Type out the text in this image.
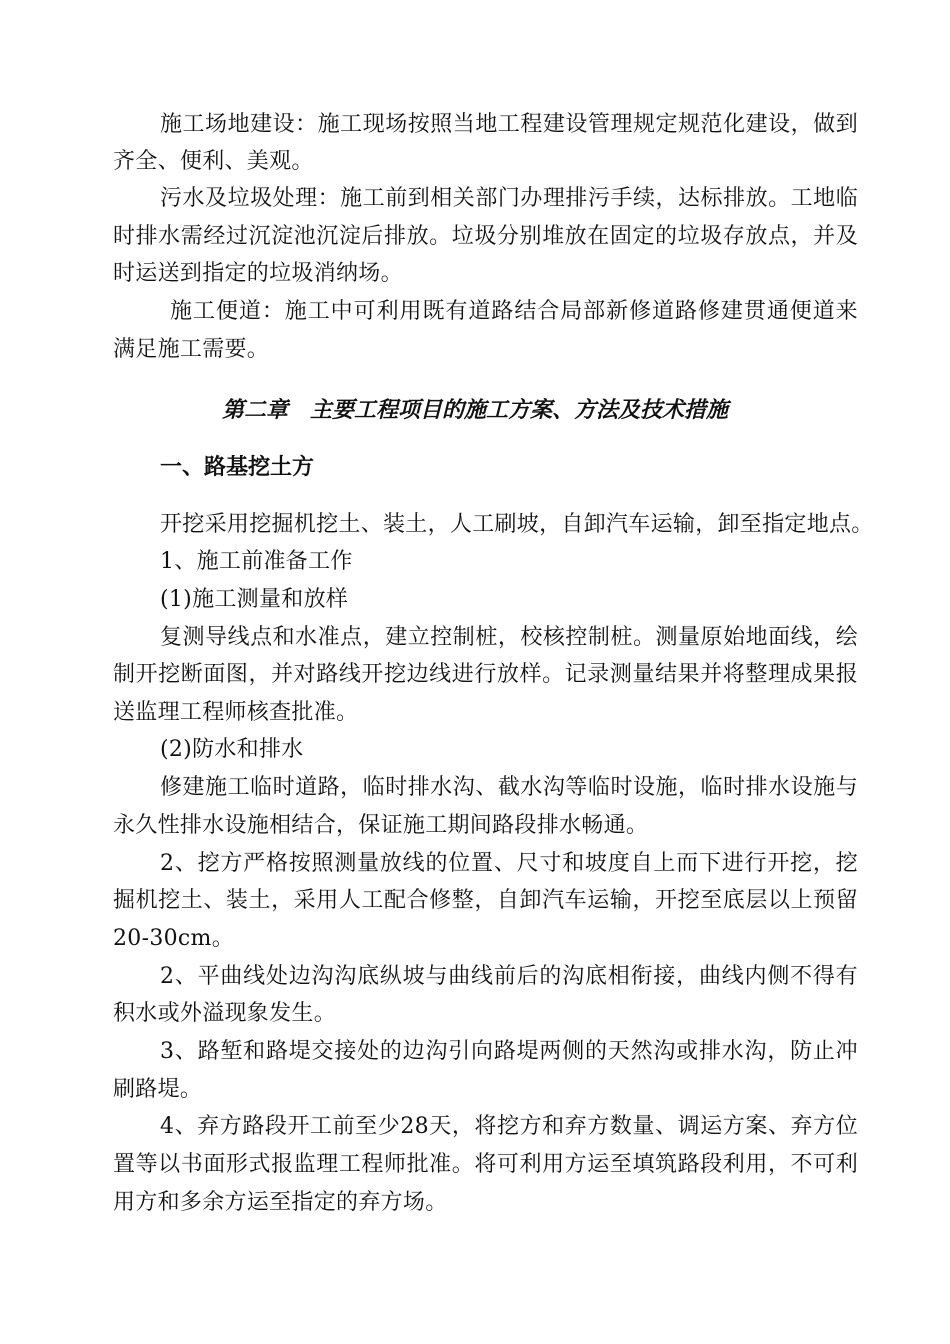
施工场地建设：施工现场按照当地工程建设管理规定规范化建设，做到
齐全、便利、美观。
污水及垃圾处理：施工前到相关部门办理排污手续，达标排放。工地临
时排水需经过沉淀池沉淀后排放。垃圾分别堆放在固定的垃圾存放点，并及
时运送到指定的垃圾消纳场。
施工便道：施工中可利用既有道路结合局部新修道路修建贯通便道来
满足施工需要。
第二章　主要工程项目的施工方案、方法及技术措施
一、路基挖土方
开挖采用挖掘机挖土、装土，人工刷坡，自卸汽车运输，卸至指定地点。
1、施工前准备工作
(1)施工测量和放样
复测导线点和水准点，建立控制桩，校核控制桩。测量原始地面线，绘
制开挖断面图，并对路线开挖边线进行放样。记录测量结果并将整理成果报
送监理工程师核查批准。
(2)防水和排水
修建施工临时道路，临时排水沟、截水沟等临时设施，临时排水设施与
永久性排水设施相结合，保证施工期间路段排水畅通。
2、挖方严格按照测量放线的位置、尺寸和坡度自上而下进行开挖，挖
掘机挖土、装土，采用人工配合修整，自卸汽车运输，开挖至底层以上预留
20-30cm。
2、平曲线处边沟沟底纵坡与曲线前后的沟底相衔接，曲线内侧不得有
积水或外溢现象发生。
3、路堑和路堤交接处的边沟引向路堤两侧的天然沟或排水沟，防止冲
刷路堤。
4、弃方路段开工前至少28天，将挖方和弃方数量、调运方案、弃方位
置等以书面形式报监理工程师批准。将可利用方运至填筑路段利用，不可利
用方和多余方运至指定的弃方场。
